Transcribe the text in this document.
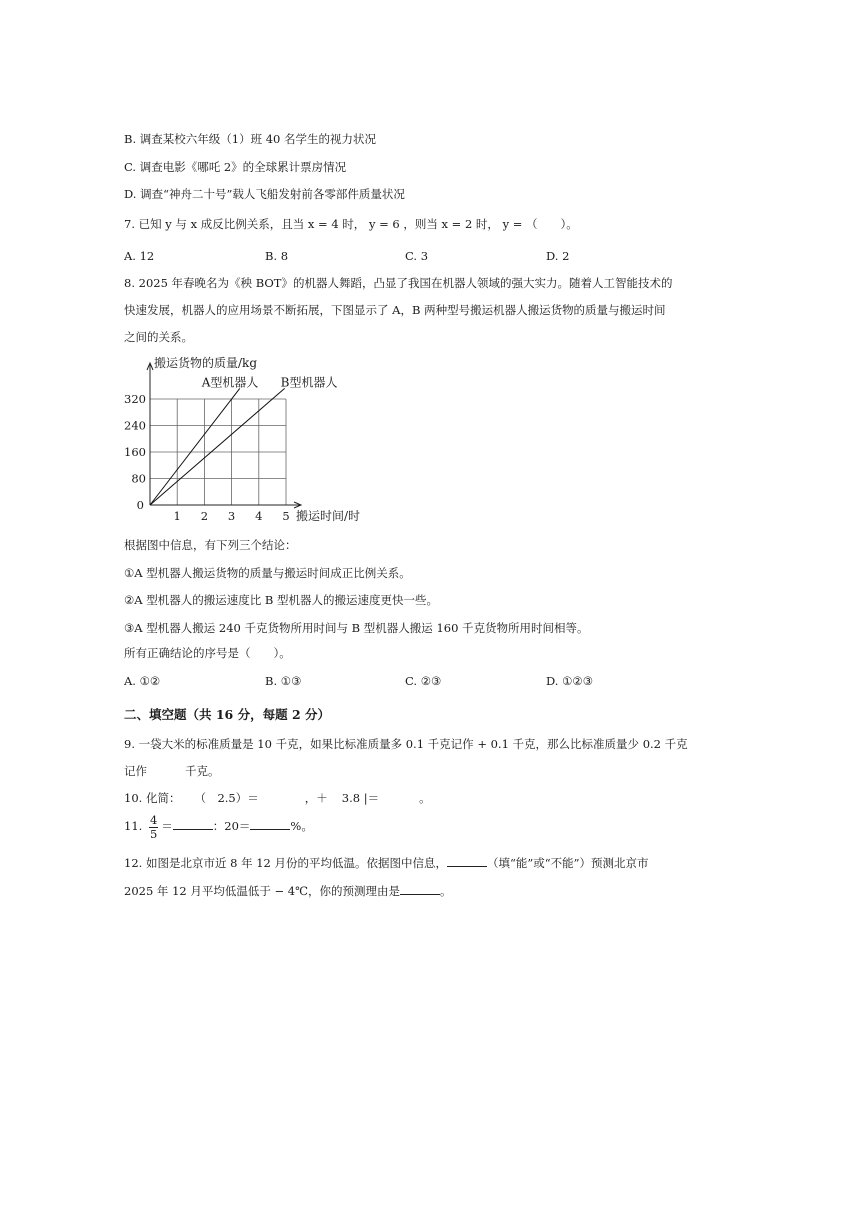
B. 调查某校六年级（1）班 40 名学生的视力状况
C. 调查电影《哪吒 2》的全球累计票房情况
D. 调查“神舟二十号”载人飞船发射前各零部件质量状况
7. 已知 y 与 x 成反比例关系，且当 x = 4 时， y = 6 ，则当 x = 2 时， y = （　　）。
A. 12	B. 8	C. 3	D. 2
8. 2025 年春晚名为《秧 BOT》的机器人舞蹈，凸显了我国在机器人领域的强大实力。随着人工智能技术的
快速发展，机器人的应用场景不断拓展，下图显示了 A，B 两种型号搬运机器人搬运货物的质量与搬运时间
之间的关系。
A型机器人 B型机器人
1 2 3 4 5
80
160
240
320
0
搬运货物的质量/kg
搬运时间/时
根据图中信息，有下列三个结论：
①A 型机器人搬运货物的质量与搬运时间成正比例关系。
②A 型机器人的搬运速度比 B 型机器人的搬运速度更快一些。
③A 型机器人搬运 240 千克货物所用时间与 B 型机器人搬运 160 千克货物所用时间相等。
所有正确结论的序号是（　　）。
A. ①②	B. ①③	C. ②③	D. ①②③
二、填空题（共 16 分，每题 2 分）
9. 一袋大米的标准质量是 10 千克，如果比标准质量多 0.1 千克记作 + 0.1 千克，那么比标准质量少 0.2 千克
记作	千克。
10. 化简： （　2.5）＝	，＋ 3.8 |＝	。
11. $\frac{4}{5}$ ＝	：20＝	%。
12. 如图是北京市近 8 年 12 月份的平均低温。依据图中信息，	（填“能”或“不能”）预测北京市
2025 年 12 月平均低温低于 − 4℃，你的预测理由是	。
